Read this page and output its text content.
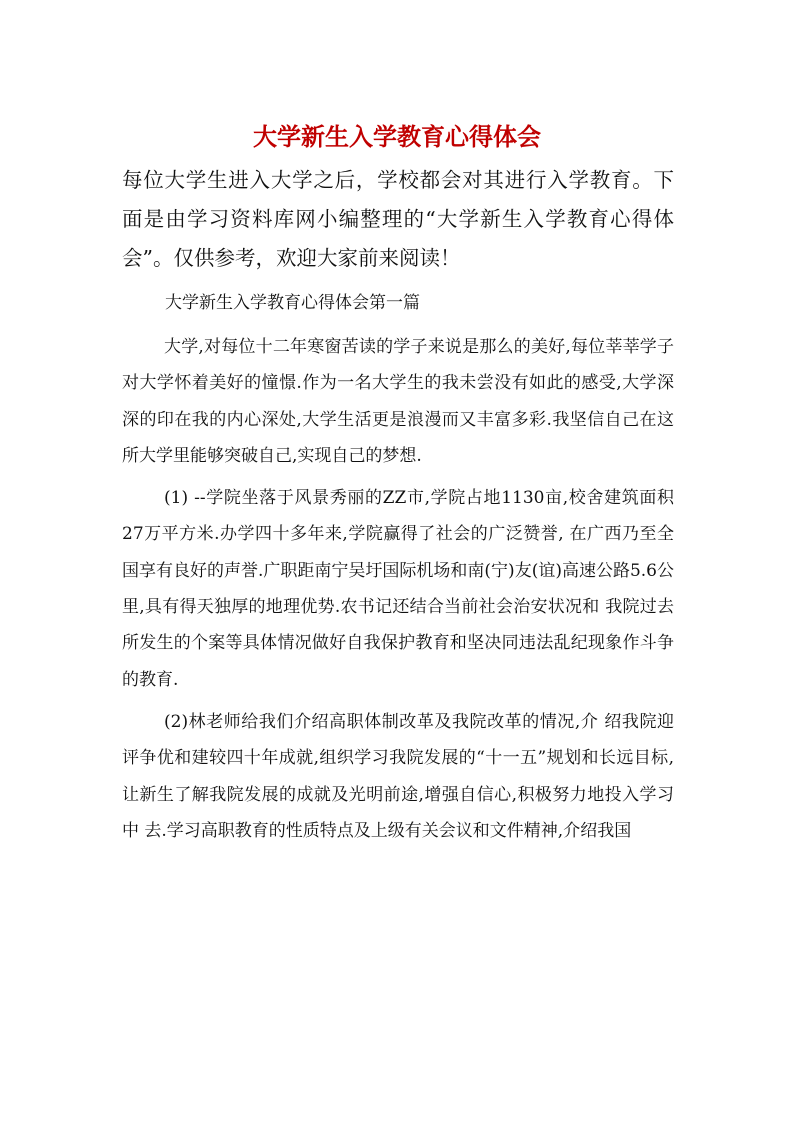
大学新生入学教育心得体会

每位大学生进入大学之后，学校都会对其进行入学教育。下面是由学习资料库网小编整理的“大学新生入学教育心得体会”。仅供参考，欢迎大家前来阅读！

大学新生入学教育心得体会第一篇

大学,对每位十二年寒窗苦读的学子来说是那么的美好,每位莘莘学子对大学怀着美好的憧憬.作为一名大学生的我未尝没有如此的感受,大学深深的印在我的内心深处,大学生活更是浪漫而又丰富多彩.我坚信自己在这所大学里能够突破自己,实现自己的梦想.

(1) --学院坐落于风景秀丽的ZZ市,学院占地1130亩,校舍建筑面积27万平方米.办学四十多年来,学院赢得了社会的广泛赞誉, 在广西乃至全国享有良好的声誉.广职距南宁吴圩国际机场和南(宁)友(谊)高速公路5.6公里,具有得天独厚的地理优势.农书记还结合当前社会治安状况和 我院过去所发生的个案等具体情况做好自我保护教育和坚决同违法乱纪现象作斗争的教育.

(2)林老师给我们介绍高职体制改革及我院改革的情况,介 绍我院迎评争优和建较四十年成就,组织学习我院发展的“十一五”规划和长远目标,让新生了解我院发展的成就及光明前途,增强自信心,积极努力地投入学习中 去.学习高职教育的性质特点及上级有关会议和文件精神,介绍我国
